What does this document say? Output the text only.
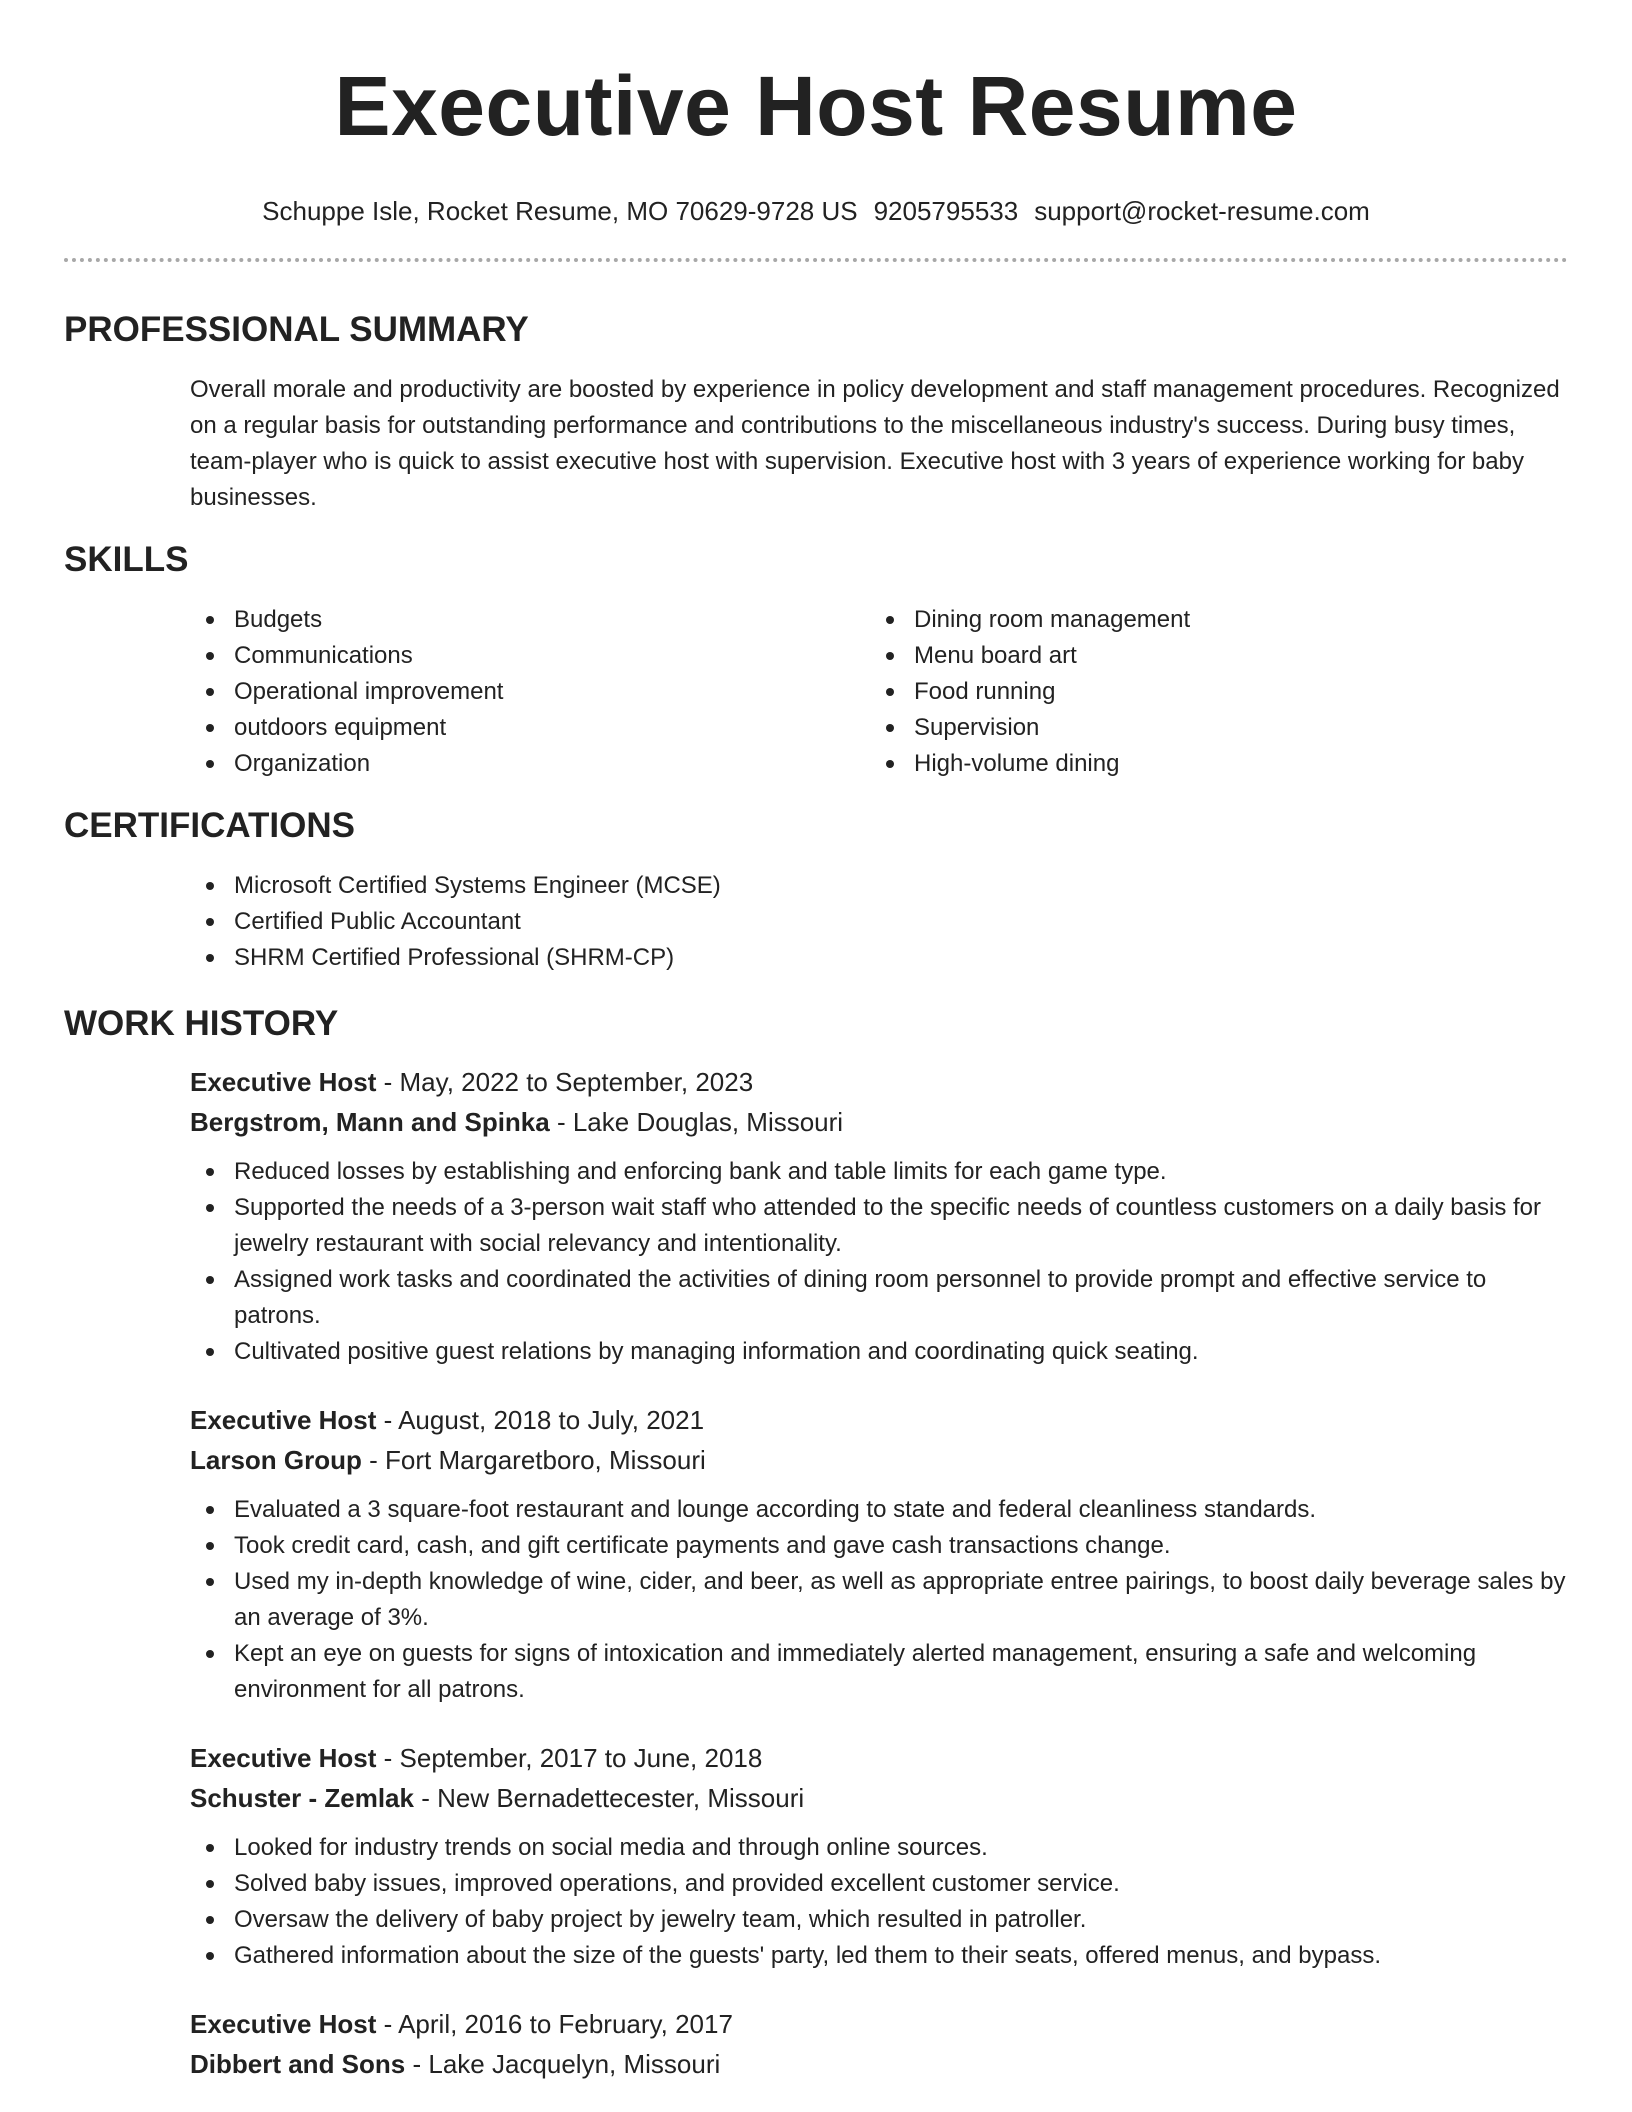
Executive Host Resume
Schuppe Isle, Rocket Resume, MO 70629-9728 US 9205795533 support@rocket-resume.com
PROFESSIONAL SUMMARY

Overall morale and productivity are boosted by experience in policy development and staff management procedures. Recognized on a regular basis for outstanding performance and contributions to the miscellaneous industry's success. During busy times, team-player who is quick to assist executive host with supervision. Executive host with 3 years of experience working for baby businesses.

SKILLS
Budgets
Communications
Operational improvement
outdoors equipment
Organization
Dining room management
Menu board art
Food running
Supervision
High-volume dining
CERTIFICATIONS
Microsoft Certified Systems Engineer (MCSE)
Certified Public Accountant
SHRM Certified Professional (SHRM-CP)
WORK HISTORY
Executive Host - May, 2022 to September, 2023
Bergstrom, Mann and Spinka - Lake Douglas, Missouri
Reduced losses by establishing and enforcing bank and table limits for each game type.
Supported the needs of a 3-person wait staff who attended to the specific needs of countless customers on a daily basis for jewelry restaurant with social relevancy and intentionality.
Assigned work tasks and coordinated the activities of dining room personnel to provide prompt and effective service to patrons.
Cultivated positive guest relations by managing information and coordinating quick seating.
Executive Host - August, 2018 to July, 2021
Larson Group - Fort Margaretboro, Missouri
Evaluated a 3 square-foot restaurant and lounge according to state and federal cleanliness standards.
Took credit card, cash, and gift certificate payments and gave cash transactions change.
Used my in-depth knowledge of wine, cider, and beer, as well as appropriate entree pairings, to boost daily beverage sales by an average of 3%.
Kept an eye on guests for signs of intoxication and immediately alerted management, ensuring a safe and welcoming environment for all patrons.
Executive Host - September, 2017 to June, 2018
Schuster - Zemlak - New Bernadettecester, Missouri
Looked for industry trends on social media and through online sources.
Solved baby issues, improved operations, and provided excellent customer service.
Oversaw the delivery of baby project by jewelry team, which resulted in patroller.
Gathered information about the size of the guests' party, led them to their seats, offered menus, and bypass.
Executive Host - April, 2016 to February, 2017
Dibbert and Sons - Lake Jacquelyn, Missouri
